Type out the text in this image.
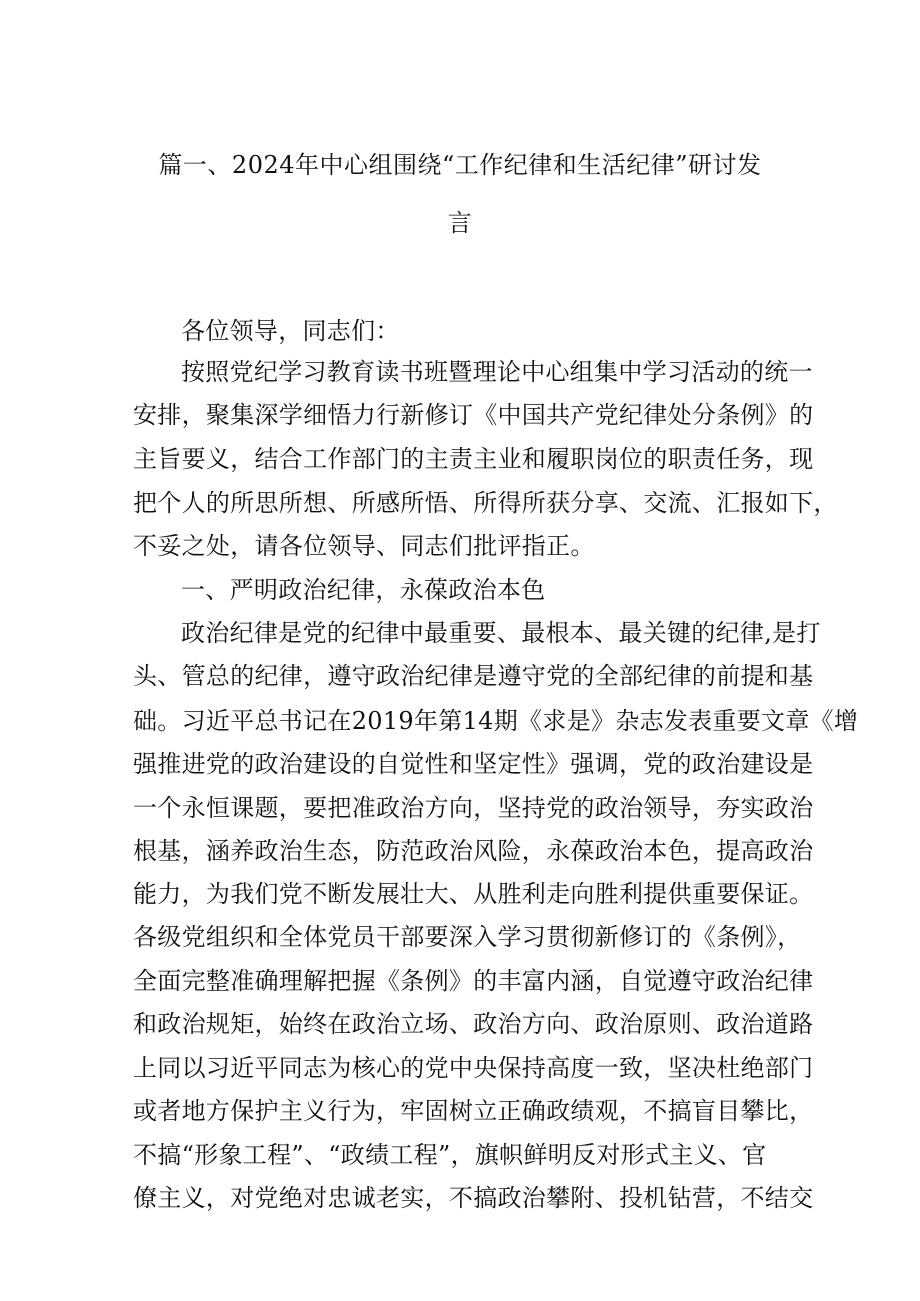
篇一、2024年中心组围绕“工作纪律和生活纪律”研讨发
言
各位领导，同志们：
按照党纪学习教育读书班暨理论中心组集中学习活动的统一
安排，聚集深学细悟力行新修订《中国共产党纪律处分条例》的
主旨要义，结合工作部门的主责主业和履职岗位的职责任务，现
把个人的所思所想、所感所悟、所得所获分享、交流、汇报如下，
不妥之处，请各位领导、同志们批评指正。
一、严明政治纪律，永葆政治本色
政治纪律是党的纪律中最重要、最根本、最关键的纪律,是打
头、管总的纪律，遵守政治纪律是遵守党的全部纪律的前提和基
础。习近平总书记在2019年第14期《求是》杂志发表重要文章《增
强推进党的政治建设的自觉性和坚定性》强调，党的政治建设是
一个永恒课题，要把准政治方向，坚持党的政治领导，夯实政治
根基，涵养政治生态，防范政治风险，永葆政治本色，提高政治
能力，为我们党不断发展壮大、从胜利走向胜利提供重要保证。
各级党组织和全体党员干部要深入学习贯彻新修订的《条例》，
全面完整准确理解把握《条例》的丰富内涵，自觉遵守政治纪律
和政治规矩，始终在政治立场、政治方向、政治原则、政治道路
上同以习近平同志为核心的党中央保持高度一致，坚决杜绝部门
或者地方保护主义行为，牢固树立正确政绩观，不搞盲目攀比，
不搞“形象工程”、“政绩工程”，旗帜鲜明反对形式主义、官
僚主义，对党绝对忠诚老实，不搞政治攀附、投机钻营，不结交
